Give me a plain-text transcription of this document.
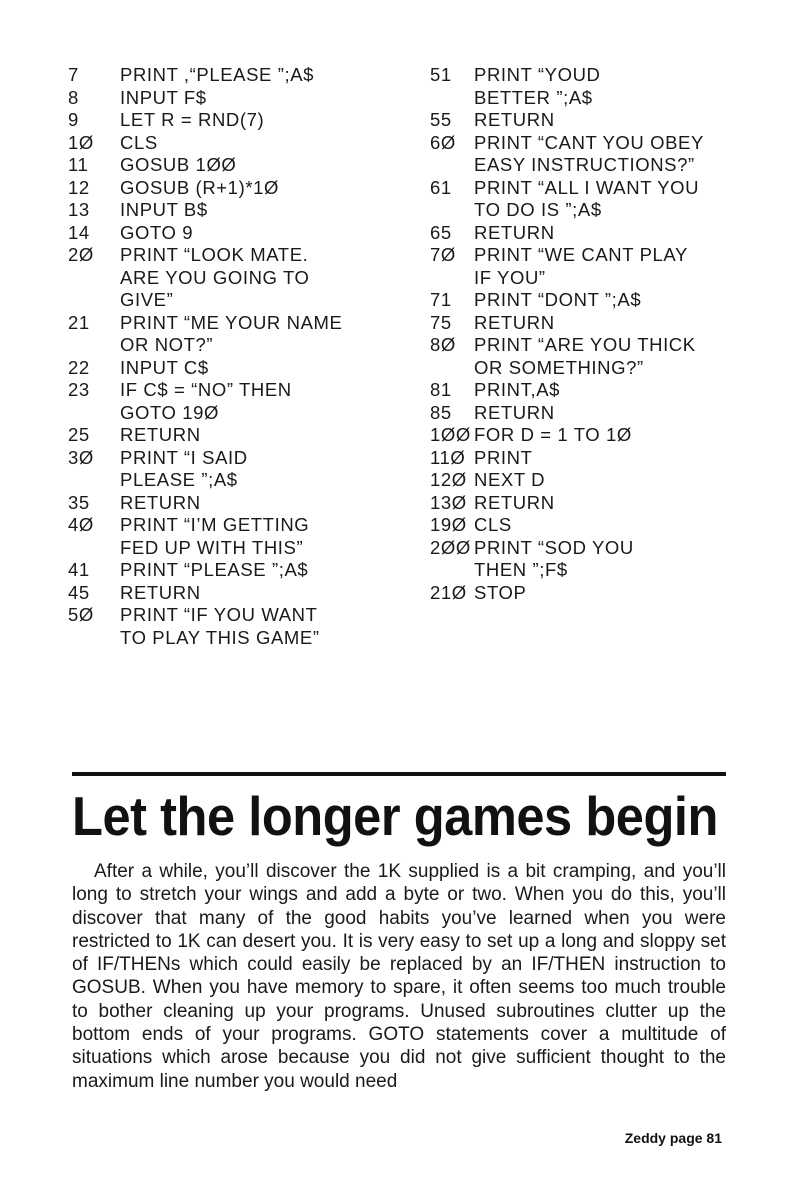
7	PRINT ,“PLEASE ”;A$
8	INPUT F$
9	LET R = RND(7)
1Ø	CLS
11	GOSUB 1ØØ
12	GOSUB (R+1)*1Ø
13	INPUT B$
14	GOTO 9
2Ø	PRINT “LOOK MATE.
ARE YOU GOING TO
GIVE”
21	PRINT “ME YOUR NAME
OR NOT?”
22	INPUT C$
23	IF C$ = “NO” THEN
GOTO 19Ø
25	RETURN
3Ø	PRINT “I SAID
PLEASE ”;A$
35	RETURN
4Ø	PRINT “I’M GETTING
FED UP WITH THIS”
41	PRINT “PLEASE ”;A$
45	RETURN
5Ø	PRINT “IF YOU WANT
TO PLAY THIS GAME”
51	PRINT “YOUD
BETTER ”;A$
55	RETURN
6Ø PRINT “CANT YOU OBEY
EASY INSTRUCTIONS?”
61	PRINT “ALL I WANT YOU
TO DO IS ”;A$
65	RETURN
7Ø PRINT “WE CANT PLAY
IF YOU”
71	PRINT “DONT ”;A$
75	RETURN
8Ø PRINT “ARE YOU THICK
OR SOMETHING?”
81	PRINT,A$
85	RETURN
1ØØ FOR D = 1 TO 1Ø
11Ø PRINT
12Ø NEXT D
13Ø RETURN
19Ø CLS
2ØØ PRINT “SOD YOU
THEN ”;F$
21Ø STOP
Let the longer games begin

After a while, you’ll discover the 1K supplied is a bit cramping, and you’ll long to stretch your wings and add a byte or two. When you do this, you’ll discover that many of the good habits you’ve learned when you were restricted to 1K can desert you. It is very easy to set up a long and sloppy set of IF/THENs which could easily be replaced by an IF/THEN instruction to GOSUB. When you have memory to spare, it often seems too much trouble to bother cleaning up your programs. Unused subroutines clutter up the bottom ends of your programs. GOTO statements cover a multitude of situations which arose because you did not give sufficient thought to the maximum line number you would need

Zeddy page 81
